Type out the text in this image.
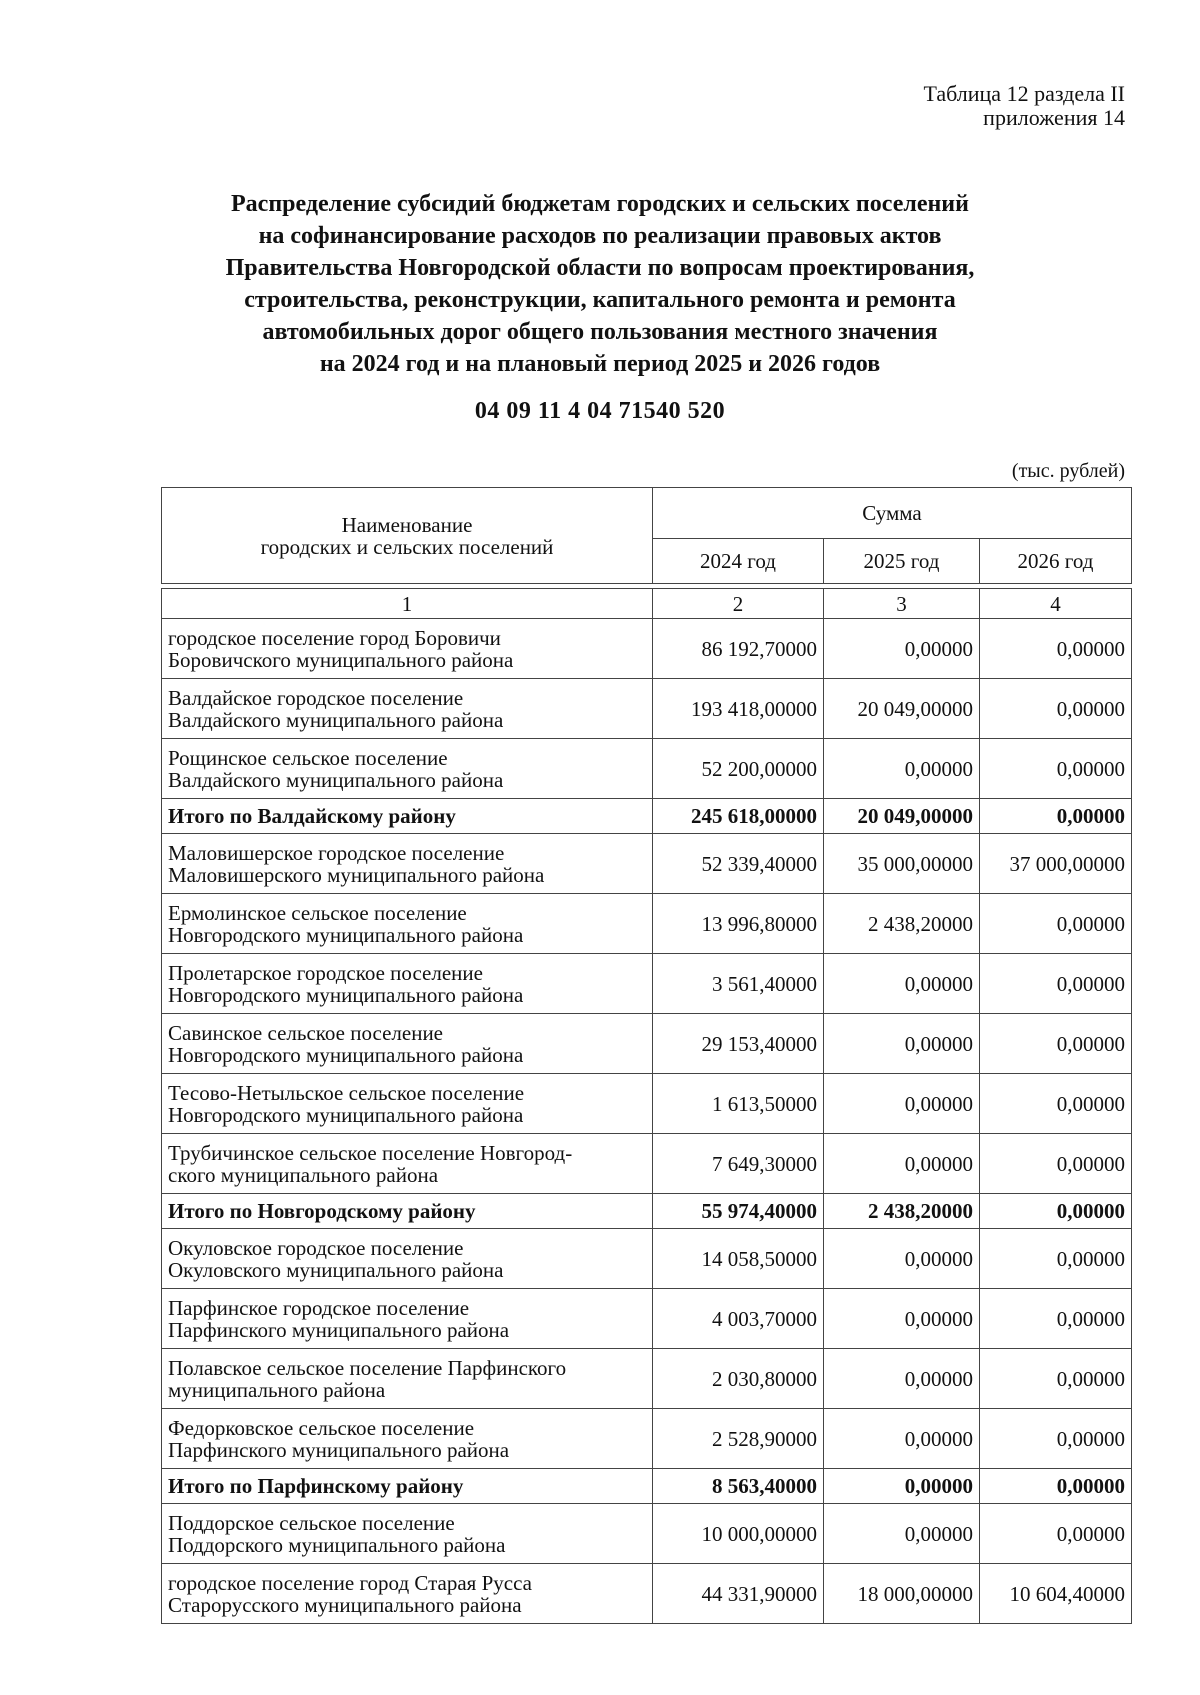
Таблица 12 раздела II
приложения 14
Распределение субсидий бюджетам городских и сельских поселений
на софинансирование расходов по реализации правовых актов
Правительства Новгородской области по вопросам проектирования,
строительства, реконструкции, капитального ремонта и ремонта
автомобильных дорог общего пользования местного значения
на 2024 год и на плановый период 2025 и 2026 годов
04 09 11 4 04 71540 520
(тыс. рублей)
Наименование
городских и сельских поселений	Сумма		
	2024 год	2025 год	2026 год

1	2	3	4

городское поселение город Боровичи
Боровичского муниципального района	86 192,70000	0,00000	0,00000

Валдайское городское поселение
Валдайского муниципального района	193 418,00000	20 049,00000	0,00000

Рощинское сельское поселение
Валдайского муниципального района	52 200,00000	0,00000	0,00000

Итого по Валдайскому району	245 618,00000	20 049,00000	0,00000

Маловишерское городское поселение
Маловишерского муниципального района	52 339,40000	35 000,00000	37 000,00000

Ермолинское сельское поселение
Новгородского муниципального района	13 996,80000	2 438,20000	0,00000

Пролетарское городское поселение
Новгородского муниципального района	3 561,40000	0,00000	0,00000

Савинское сельское поселение
Новгородского муниципального района	29 153,40000	0,00000	0,00000

Тесово-Нетыльское сельское поселение
Новгородского муниципального района	1 613,50000	0,00000	0,00000

Трубичинское сельское поселение Новгород-
ского муниципального района	7 649,30000	0,00000	0,00000

Итого по Новгородскому району	55 974,40000	2 438,20000	0,00000

Окуловское городское поселение
Окуловского муниципального района	14 058,50000	0,00000	0,00000

Парфинское городское поселение
Парфинского муниципального района	4 003,70000	0,00000	0,00000

Полавское сельское поселение Парфинского
муниципального района	2 030,80000	0,00000	0,00000

Федорковское сельское поселение
Парфинского муниципального района	2 528,90000	0,00000	0,00000

Итого по Парфинскому району	8 563,40000	0,00000	0,00000

Поддорское сельское поселение
Поддорского муниципального района	10 000,00000	0,00000	0,00000

городское поселение город Старая Русса
Старорусского муниципального района	44 331,90000	18 000,00000	10 604,40000
